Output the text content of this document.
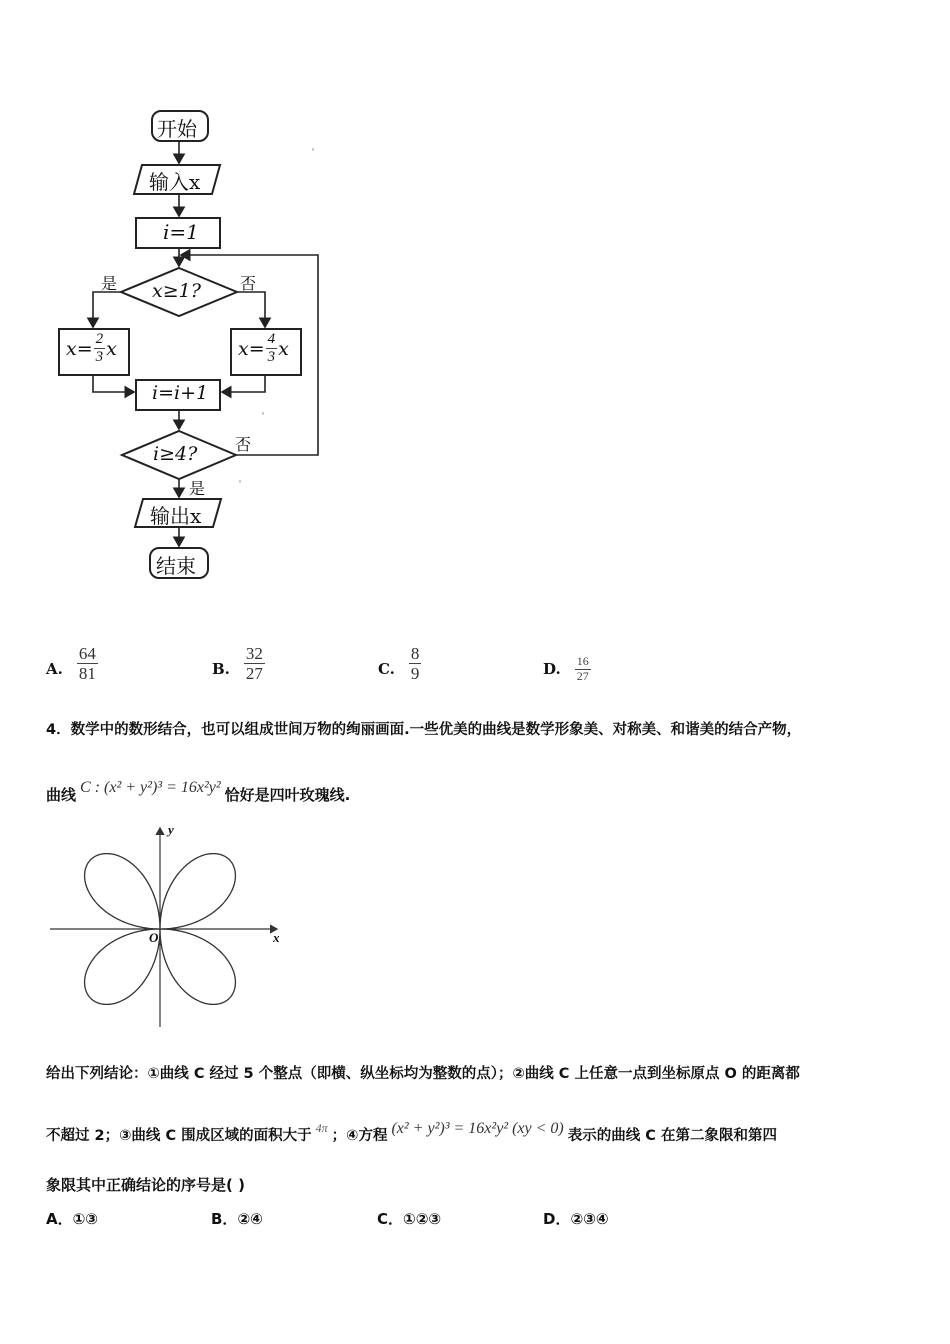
开始
输入x
i=1
x≥1?
是	否
$x= \frac{2}{3}$ x	$x= \frac{4}{3}$ x
i=i+1
i≥4? 否
是
输出x
结束
A. $\frac{64}{81}$	B. $\frac{32}{27}$	C. $\frac{8}{9}$	D. $\frac{16}{27}$
4．数学中的数形结合，也可以组成世间万物的绚丽画面.一些优美的曲线是数学形象美、对称美、和谐美的结合产物，
曲线 C : (x² + y²)³ = 16x²y² 恰好是四叶玫瑰线.
y
x
O
给出下列结论：①曲线 C 经过 5 个整点（即横、纵坐标均为整数的点）；②曲线 C 上任意一点到坐标原点 O 的距离都
不超过 2；③曲线 C 围成区域的面积大于 4π ；④方程 (x² + y²)³ = 16x²y² (xy < 0) 表示的曲线 C 在第二象限和第四
象限其中正确结论的序号是( )
A．①③	B．②④	C．①②③	D．②③④
